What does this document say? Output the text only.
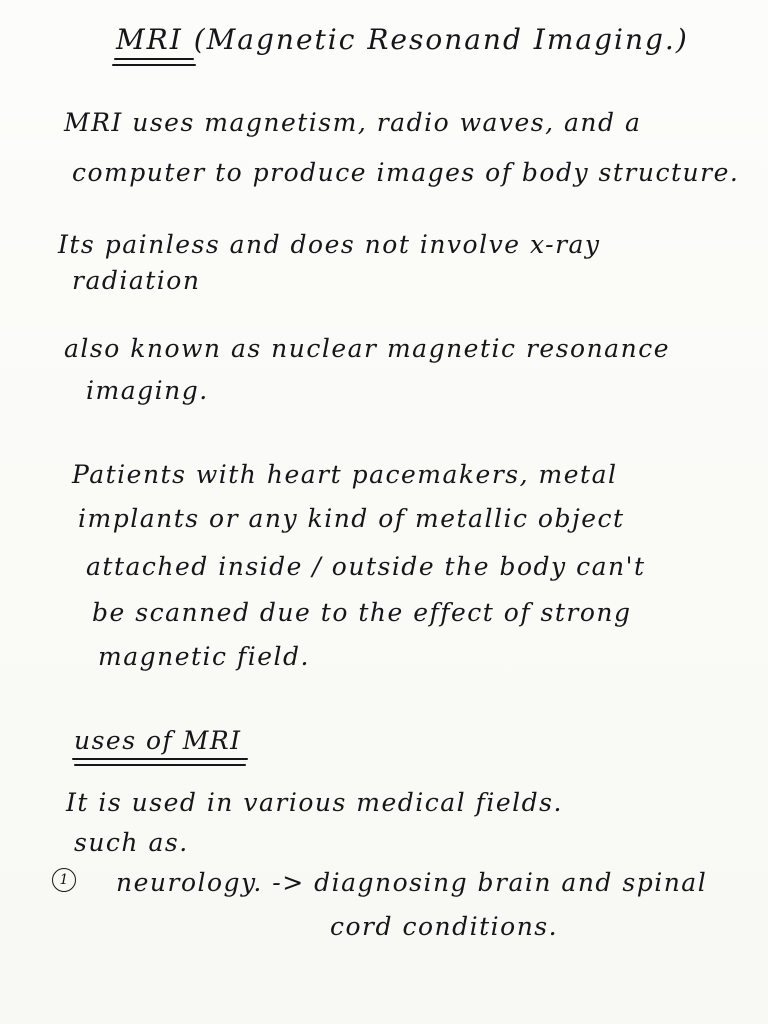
MRI (Magnetic Resonand Imaging.)

MRI uses magnetism, radio waves, and a

computer to produce images of body structure.

Its painless and does not involve x-ray

radiation

also known as nuclear magnetic resonance

imaging.

Patients with heart pacemakers, metal

implants or any kind of metallic object

attached inside / outside the body can't

be scanned due to the effect of strong

magnetic field.

uses of MRI

It is used in various medical fields.

such as.

1	neurology. -> diagnosing brain and spinal

cord conditions.
